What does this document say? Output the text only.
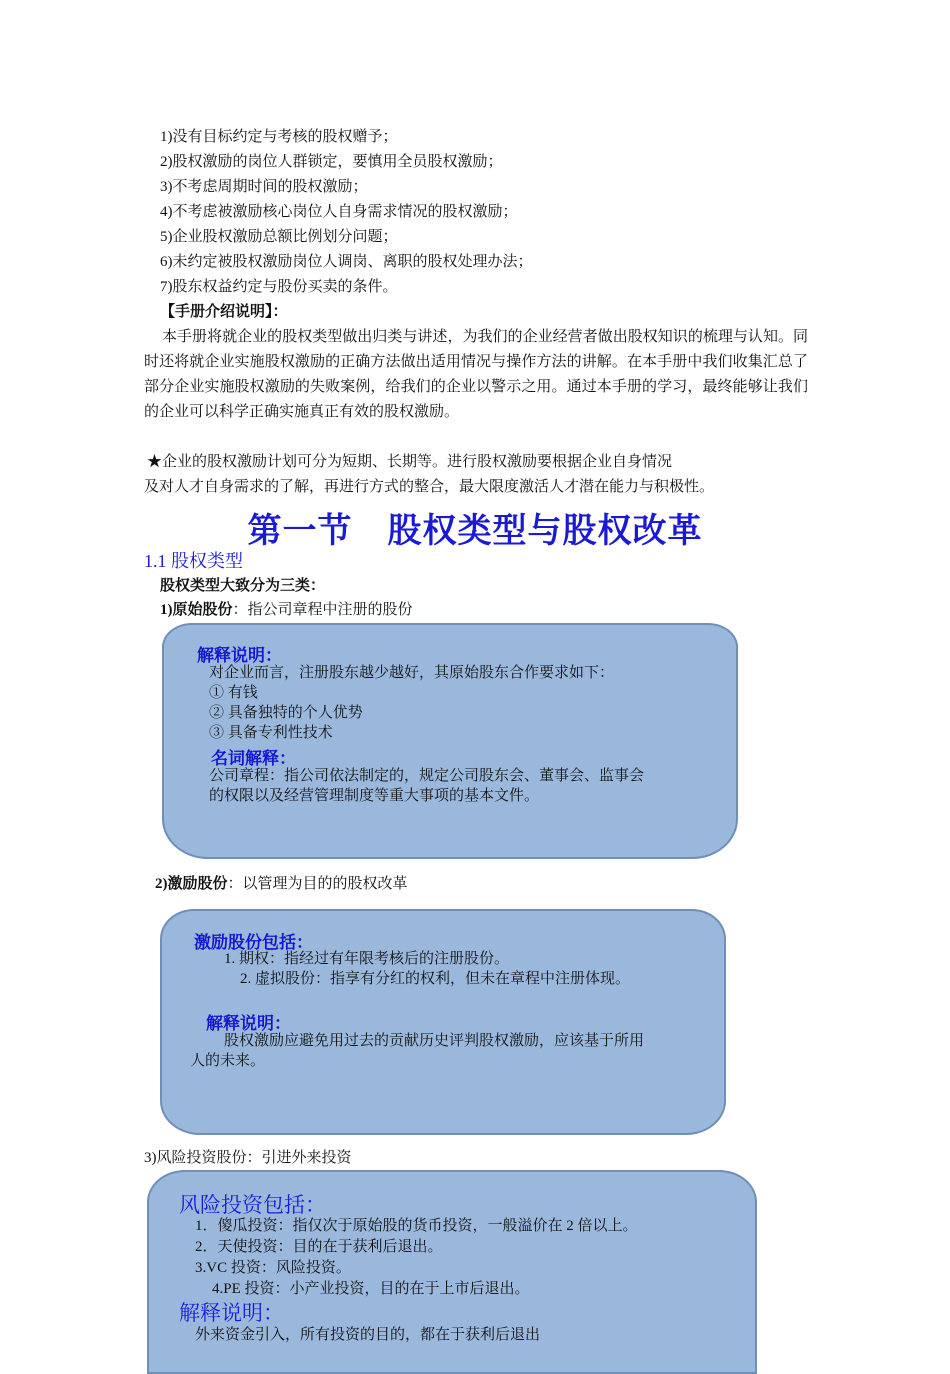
1)没有目标约定与考核的股权赠予；
2)股权激励的岗位人群锁定，要慎用全员股权激励；
3)不考虑周期时间的股权激励；
4)不考虑被激励核心岗位人自身需求情况的股权激励；
5)企业股权激励总额比例划分问题；
6)未约定被股权激励岗位人调岗、离职的股权处理办法；
7)股东权益约定与股份买卖的条件。
【手册介绍说明】：
本手册将就企业的股权类型做出归类与讲述，为我们的企业经营者做出股权知识的梳理与认知。同时还将就企业实施股权激励的正确方法做出适用情况与操作方法的讲解。在本手册中我们收集汇总了部分企业实施股权激励的失败案例，给我们的企业以警示之用。通过本手册的学习，最终能够让我们的企业可以科学正确实施真正有效的股权激励。
★企业的股权激励计划可分为短期、长期等。进行股权激励要根据企业自身情况
及对人才自身需求的了解，再进行方式的整合，最大限度激活人才潜在能力与积极性。
第一节　股权类型与股权改革
1.1 股权类型
股权类型大致分为三类：
1)原始股份：指公司章程中注册的股份
解释说明：
对企业而言，注册股东越少越好，其原始股东合作要求如下：
① 有钱
② 具备独特的个人优势
③ 具备专利性技术
名词解释：
公司章程：指公司依法制定的，规定公司股东会、董事会、监事会
的权限以及经营管理制度等重大事项的基本文件。
2)激励股份：以管理为目的的股权改革
激励股份包括：
1. 期权：指经过有年限考核后的注册股份。
2. 虚拟股份：指享有分红的权利，但未在章程中注册体现。
解释说明：
股权激励应避免用过去的贡献历史评判股权激励，应该基于所用
人的未来。
3)风险投资股份：引进外来投资
风险投资包括：
1．傻瓜投资：指仅次于原始股的货币投资，一般溢价在 2 倍以上。
2．天使投资：目的在于获利后退出。
3.VC 投资：风险投资。
4.PE 投资：小产业投资，目的在于上市后退出。
解释说明：
外来资金引入，所有投资的目的，都在于获利后退出
